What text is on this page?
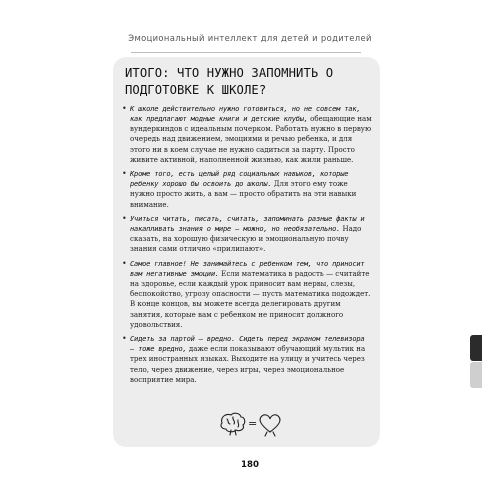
Эмоциональный интеллект для детей и родителей
ИТОГО: ЧТО НУЖНО ЗАПОМНИТЬ О ПОДГОТОВКЕ К ШКОЛЕ?
• К школе действительно нужно готовиться, но не совсем так, как предлагают модные книги и детские клубы, обещающие нам вундеркиндов с идеальным почерком. Работать нужно в первую очередь над движением, эмоциями и речью ребенка, и для этого ни в коем случае не нужно садиться за парту. Просто живите активной, наполненной жизнью, как жили раньше.
• Кроме того, есть целый ряд социальных навыков, которые ребенку хорошо бы освоить до школы. Для этого ему тоже нужно просто жить, а вам — просто обратить на эти навыки внимание.
• Учиться читать, писать, считать, запоминать разные факты и накапливать знания о мире — можно, но необязательно. Надо сказать, на хорошую физическую и эмоциональную почву знания сами отлично «прилипают».
• Самое главное! Не занимайтесь с ребенком тем, что приносит вам негативные эмоции. Если математика в радость — считайте на здоровье, если каждый урок приносит вам нервы, слезы, беспокойство, угрозу опасности — пусть математика подождет. В конце концов, вы можете всегда делегировать другим занятия, которые вам с ребенком не приносят должного удовольствия.
• Сидеть за партой — вредно. Сидеть перед экраном телевизора — тоже вредно, даже если показывают обучающий мультик на трех иностранных языках. Выходите на улицу и учитесь через тело, через движение, через игры, через эмоциональное восприятие мира.
=
180
